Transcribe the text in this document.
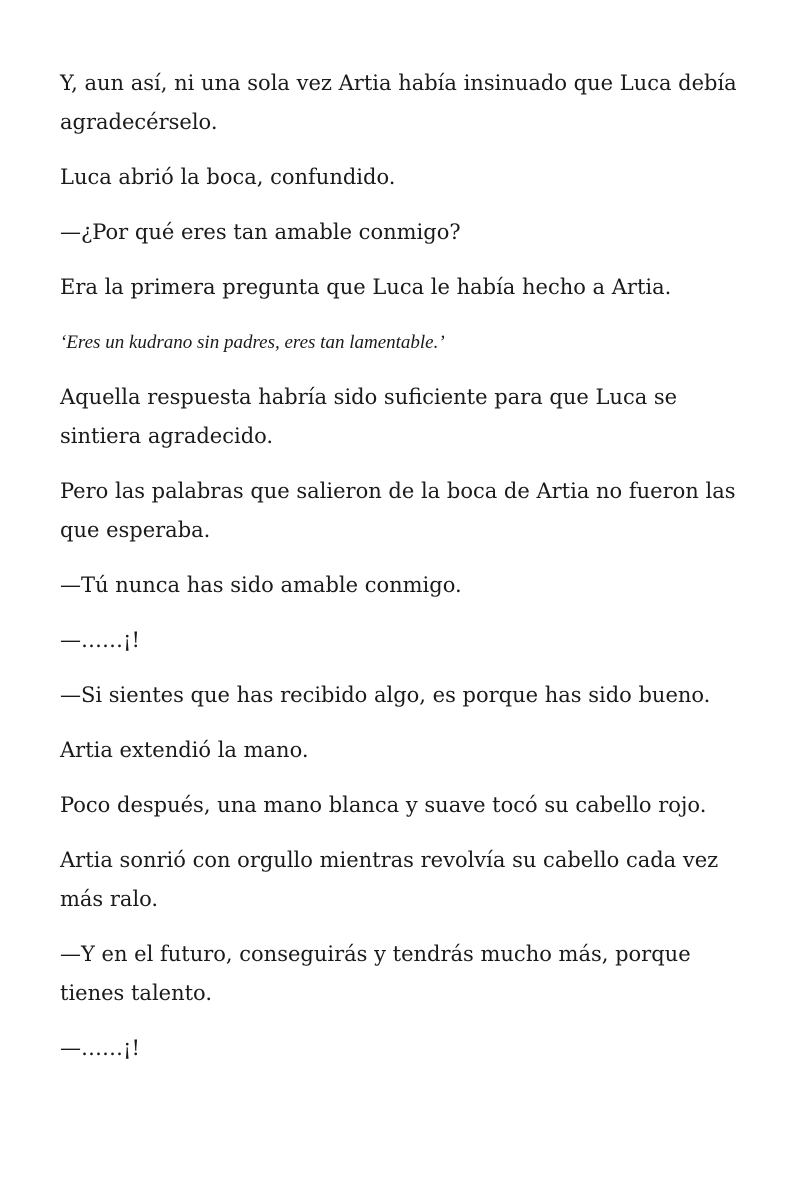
Y, aun así, ni una sola vez Artia había insinuado que Luca debía agradecérselo.

Luca abrió la boca, confundido.

—¿Por qué eres tan amable conmigo?

Era la primera pregunta que Luca le había hecho a Artia.

‘Eres un kudrano sin padres, eres tan lamentable.’

Aquella respuesta habría sido suficiente para que Luca se sintiera agradecido.

Pero las palabras que salieron de la boca de Artia no fueron las que esperaba.

—Tú nunca has sido amable conmigo.

—……¡!

—Si sientes que has recibido algo, es porque has sido bueno.

Artia extendió la mano.

Poco después, una mano blanca y suave tocó su cabello rojo.

Artia sonrió con orgullo mientras revolvía su cabello cada vez más ralo.

—Y en el futuro, conseguirás y tendrás mucho más, porque tienes talento.

—……¡!
